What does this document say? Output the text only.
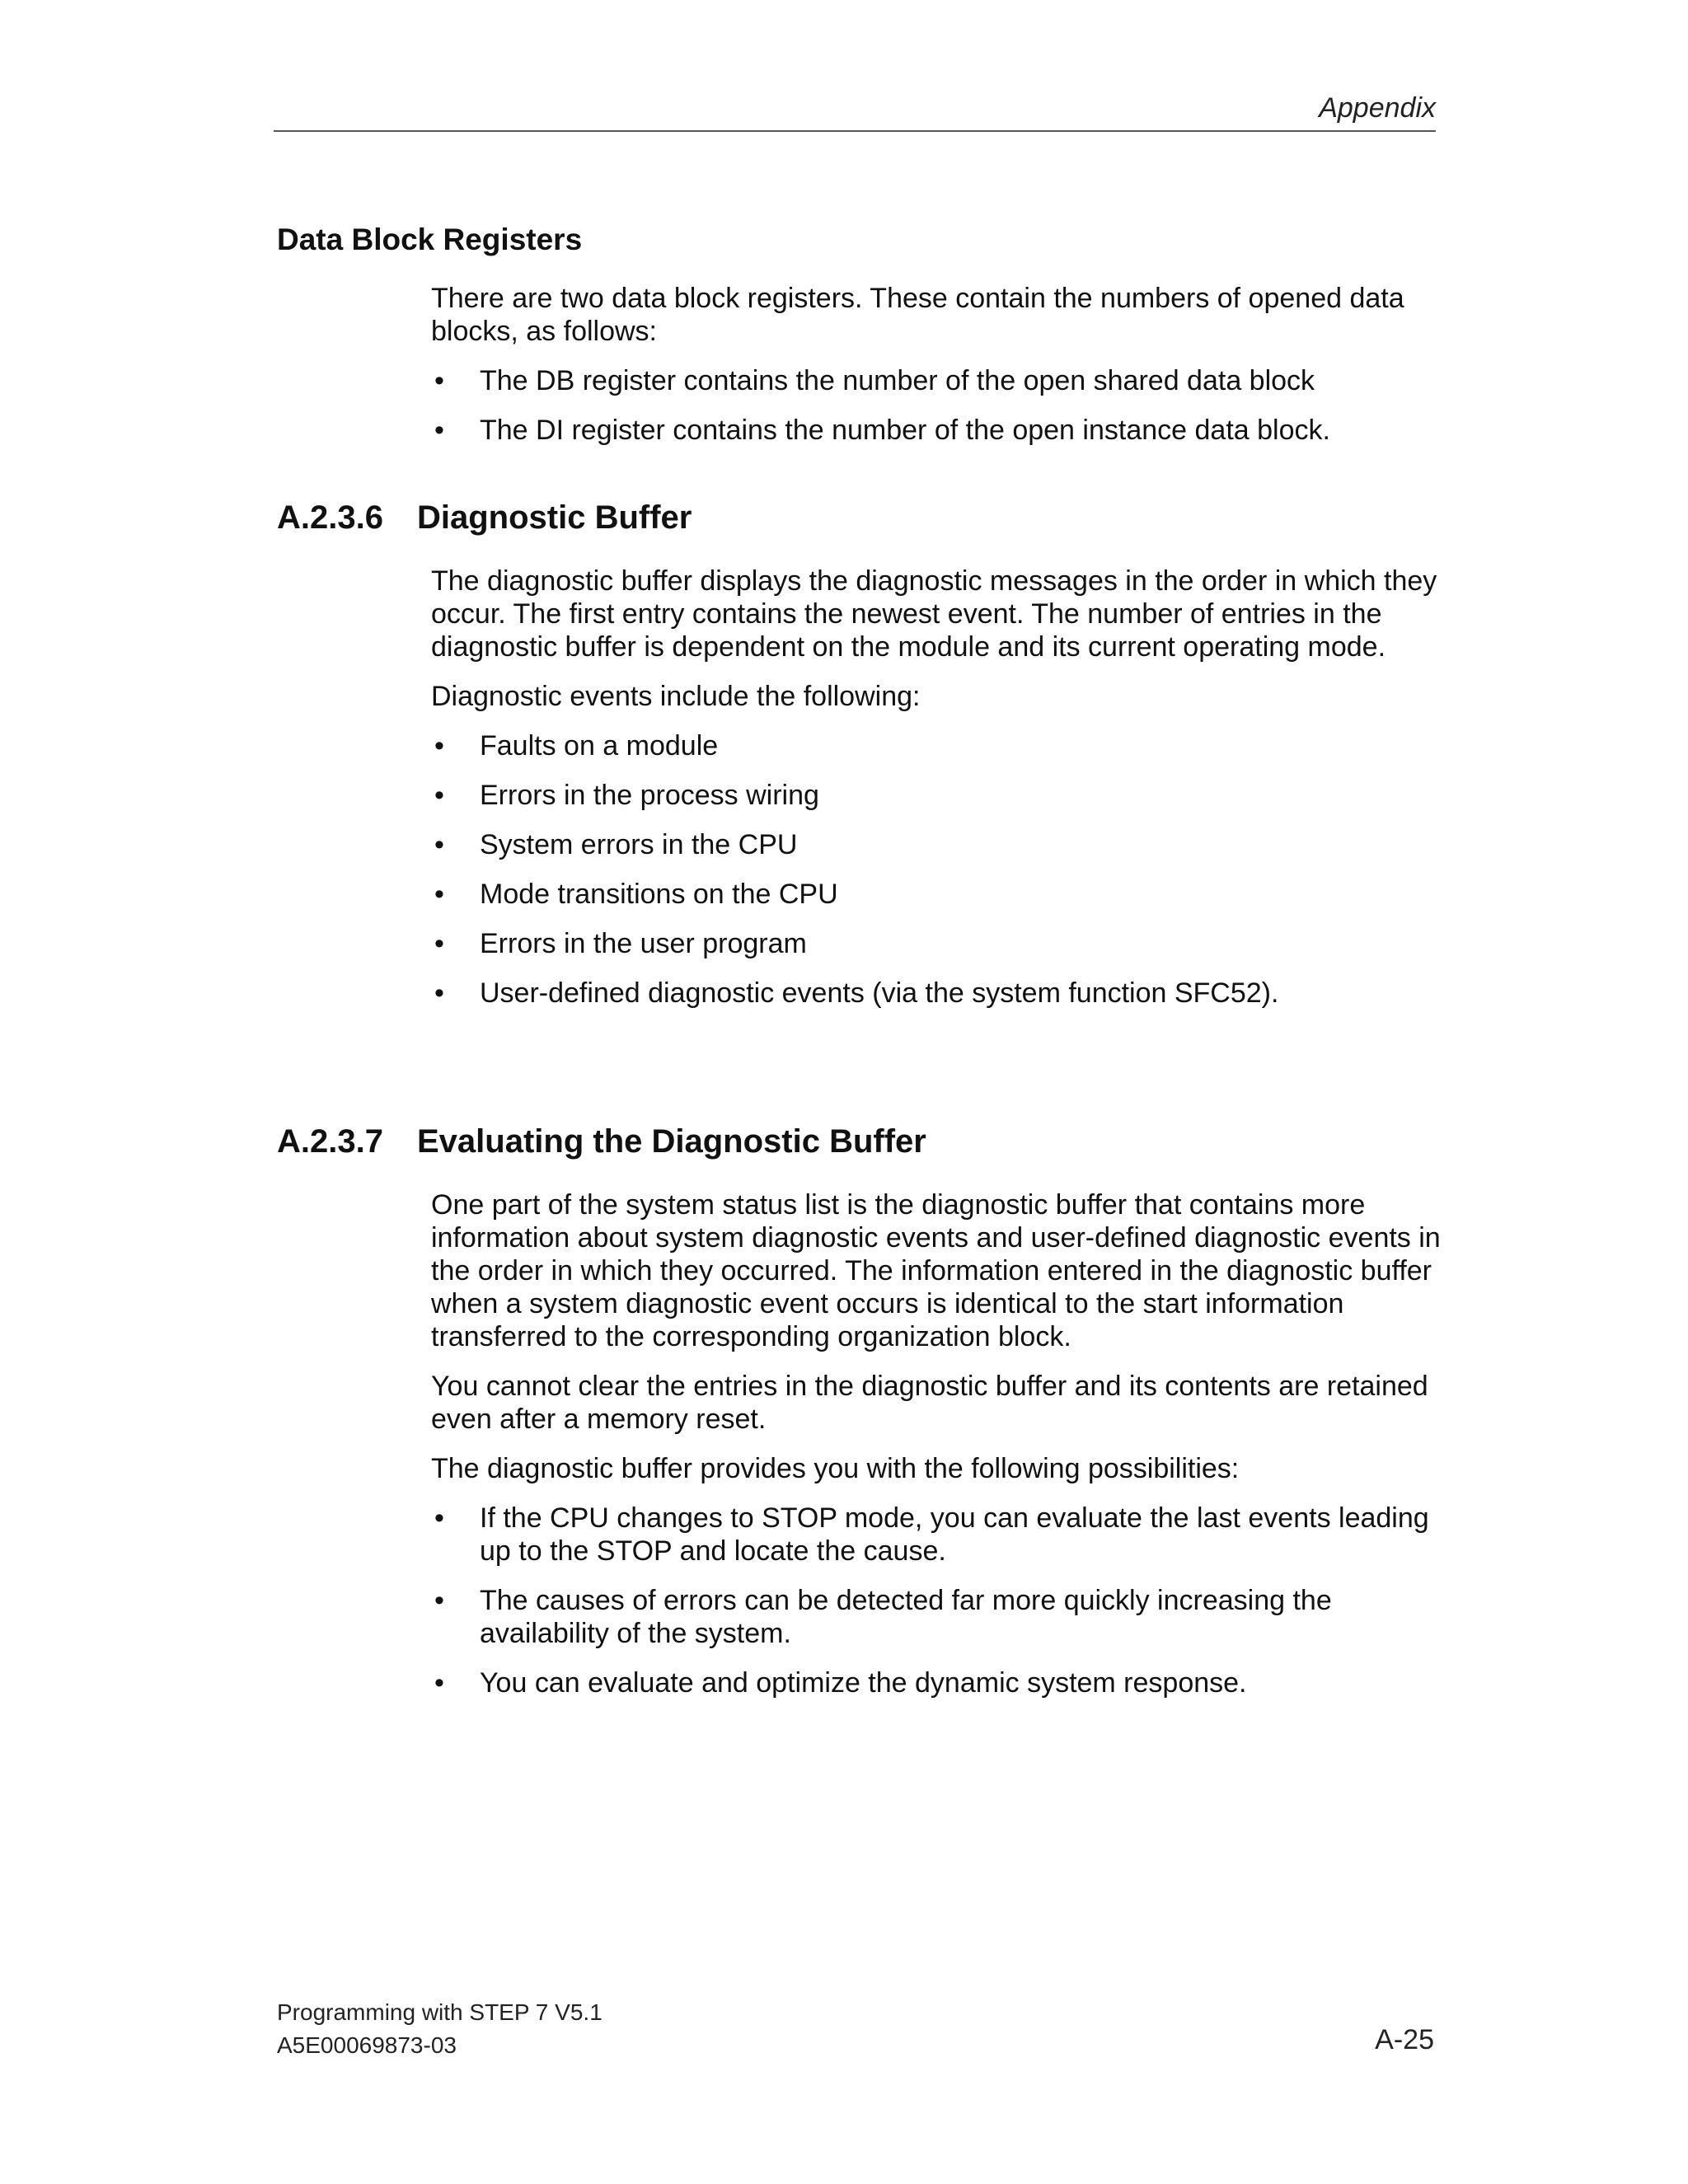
Appendix
Data Block Registers

There are two data block registers. These contain the numbers of opened data blocks, as follows:

• The DB register contains the number of the open shared data block
• The DI register contains the number of the open instance data block.
A.2.3.6	Diagnostic Buffer

The diagnostic buffer displays the diagnostic messages in the order in which they occur. The first entry contains the newest event. The number of entries in the diagnostic buffer is dependent on the module and its current operating mode.

Diagnostic events include the following:

• Faults on a module
• Errors in the process wiring
• System errors in the CPU
• Mode transitions on the CPU
• Errors in the user program
• User-defined diagnostic events (via the system function SFC52).
A.2.3.7	Evaluating the Diagnostic Buffer

One part of the system status list is the diagnostic buffer that contains more information about system diagnostic events and user-defined diagnostic events in the order in which they occurred. The information entered in the diagnostic buffer when a system diagnostic event occurs is identical to the start information transferred to the corresponding organization block.

You cannot clear the entries in the diagnostic buffer and its contents are retained even after a memory reset.

The diagnostic buffer provides you with the following possibilities:

• If the CPU changes to STOP mode, you can evaluate the last events leading up to the STOP and locate the cause.
• The causes of errors can be detected far more quickly increasing the availability of the system.
• You can evaluate and optimize the dynamic system response.
Programming with STEP 7 V5.1
A5E00069873-03	A-25
